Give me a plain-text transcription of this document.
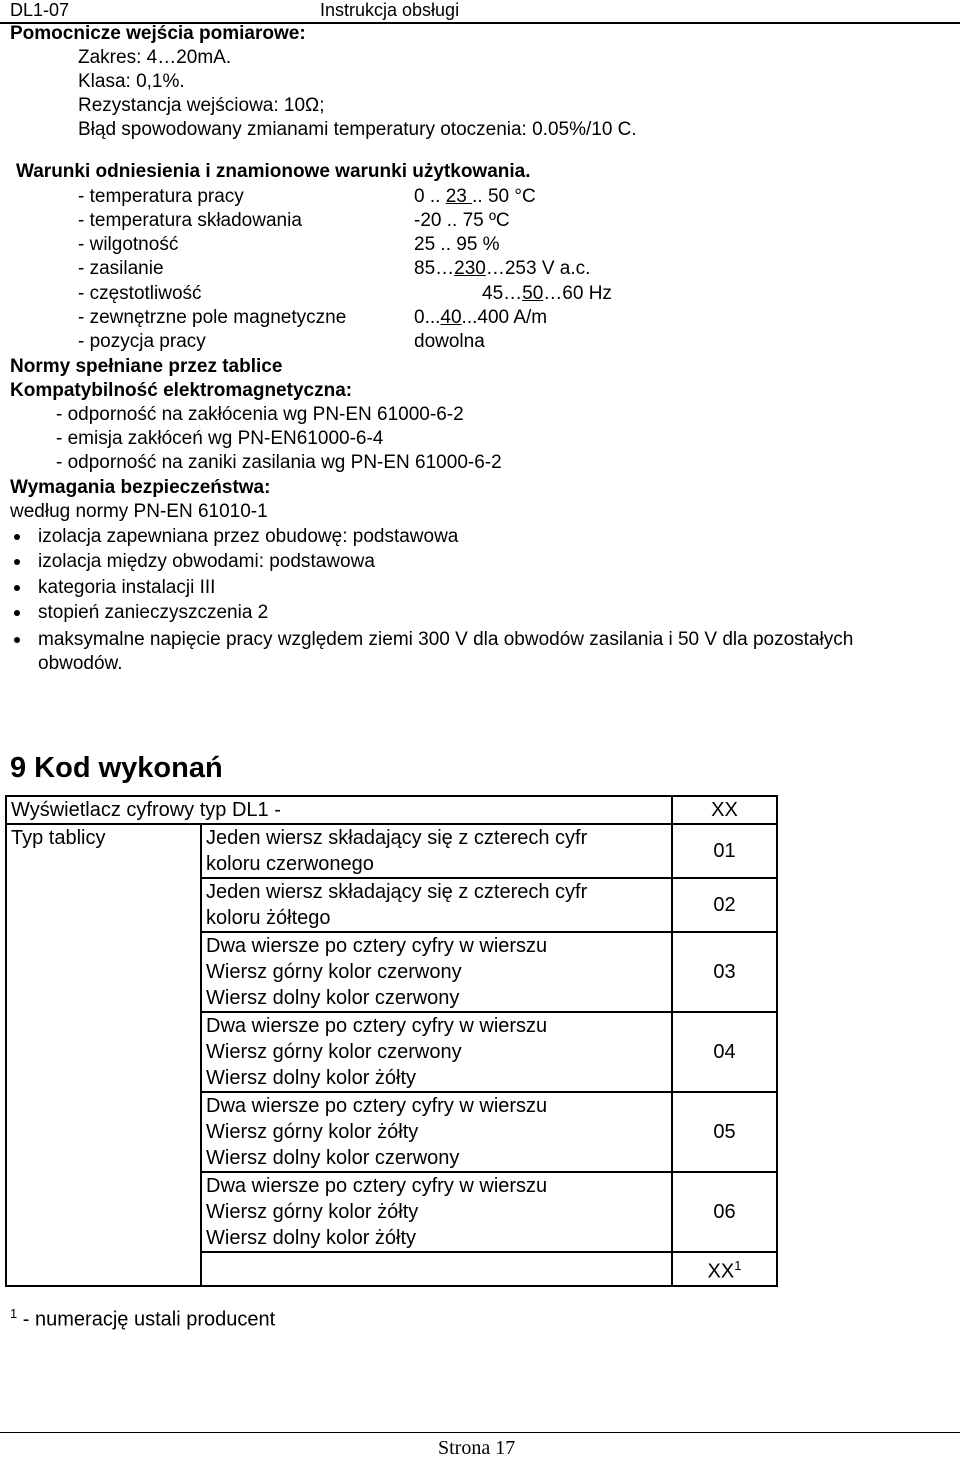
DL1-07	Instrukcja obsługi
Pomocnicze wejścia pomiarowe:
Zakres: 4…20mA.
Klasa: 0,1%.
Rezystancja wejściowa: 10Ω;
Błąd spowodowany zmianami temperatury otoczenia: 0.05%/10 C.
Warunki odniesienia i znamionowe warunki użytkowania.
- temperatura pracy	0 .. 23 .. 50 °C
- temperatura składowania	-20 .. 75 ºC
- wilgotność	25 .. 95 %
- zasilanie	85…230…253 V a.c.
- częstotliwość	45…50…60 Hz
- zewnętrzne pole magnetyczne	0...40...400 A/m
- pozycja pracy	dowolna
Normy spełniane przez tablice
Kompatybilność elektromagnetyczna:
- odporność na zakłócenia wg PN-EN 61000-6-2
- emisja zakłóceń wg PN-EN61000-6-4
- odporność na zaniki zasilania wg PN-EN 61000-6-2
Wymagania bezpieczeństwa:
według normy PN-EN 61010-1
izolacja zapewniana przez obudowę: podstawowa
izolacja między obwodami: podstawowa
kategoria instalacji III
stopień zanieczyszczenia 2
maksymalne napięcie pracy względem ziemi 300 V dla obwodów zasilania i 50 V dla pozostałych
obwodów.
9 Kod wykonań
Wyświetlacz cyfrowy typ DL1 -		XX
Typ tablicy	Jeden wiersz składający się z czterech cyfr
koloru czerwonego	01

	Jeden wiersz składający się z czterech cyfr
koloru żółtego	02

	Dwa wiersze po cztery cyfry w wierszu
Wiersz górny kolor czerwony
Wiersz dolny kolor czerwony	03

	Dwa wiersze po cztery cyfry w wierszu
Wiersz górny kolor czerwony
Wiersz dolny kolor żółty	04

	Dwa wiersze po cztery cyfry w wierszu
Wiersz górny kolor żółty
Wiersz dolny kolor czerwony	05

	Dwa wiersze po cztery cyfry w wierszu
Wiersz górny kolor żółty
Wiersz dolny kolor żółty	06
		$XX^1$
$^1$ - numerację ustali producent
Strona 17
